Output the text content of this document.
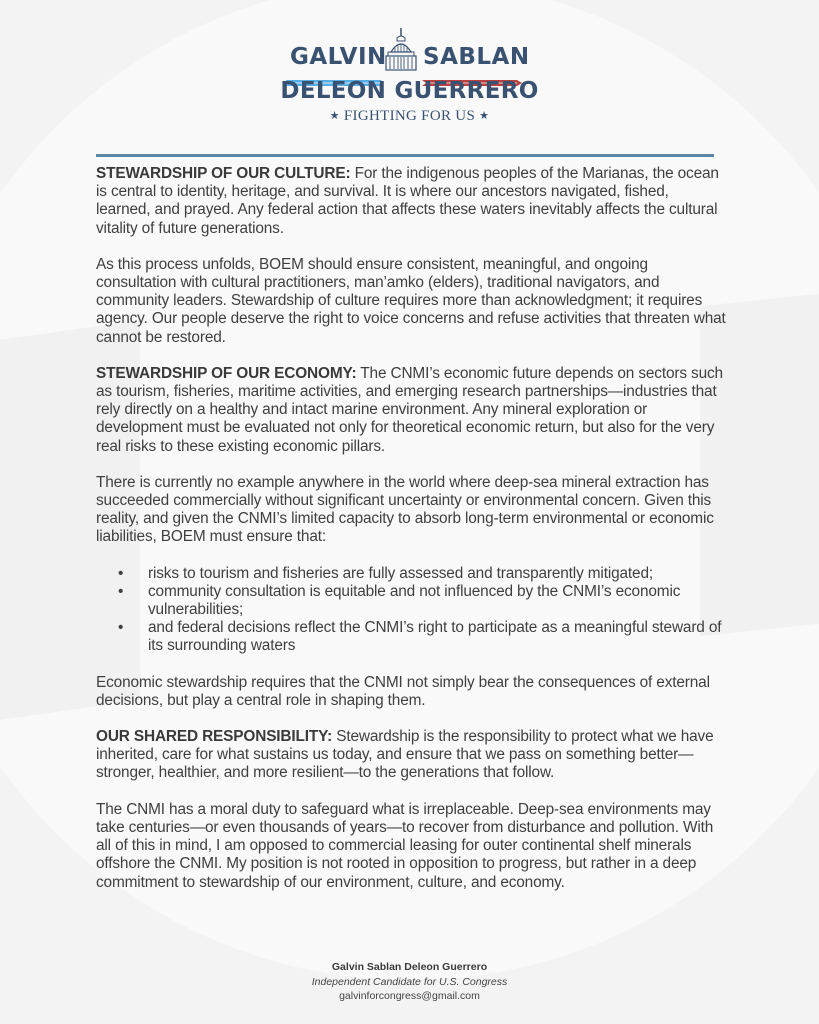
GALVIN SABLAN
DELEON GUERRERO
★ FIGHTING FOR US ★

STEWARDSHIP OF OUR CULTURE: For the indigenous peoples of the Marianas, the ocean is central to identity, heritage, and survival. It is where our ancestors navigated, fished, learned, and prayed. Any federal action that affects these waters inevitably affects the cultural vitality of future generations.

As this process unfolds, BOEM should ensure consistent, meaningful, and ongoing consultation with cultural practitioners, man’amko (elders), traditional navigators, and community leaders. Stewardship of culture requires more than acknowledgment; it requires agency. Our people deserve the right to voice concerns and refuse activities that threaten what cannot be restored.

STEWARDSHIP OF OUR ECONOMY: The CNMI’s economic future depends on sectors such as tourism, fisheries, maritime activities, and emerging research partnerships—industries that rely directly on a healthy and intact marine environment. Any mineral exploration or development must be evaluated not only for theoretical economic return, but also for the very real risks to these existing economic pillars.

There is currently no example anywhere in the world where deep-sea mineral extraction has succeeded commercially without significant uncertainty or environmental concern. Given this reality, and given the CNMI’s limited capacity to absorb long-term environmental or economic liabilities, BOEM must ensure that:

• risks to tourism and fisheries are fully assessed and transparently mitigated;
• community consultation is equitable and not influenced by the CNMI’s economic vulnerabilities;
• and federal decisions reflect the CNMI’s right to participate as a meaningful steward of its surrounding waters

Economic stewardship requires that the CNMI not simply bear the consequences of external decisions, but play a central role in shaping them.

OUR SHARED RESPONSIBILITY: Stewardship is the responsibility to protect what we have inherited, care for what sustains us today, and ensure that we pass on something better—stronger, healthier, and more resilient—to the generations that follow.

The CNMI has a moral duty to safeguard what is irreplaceable. Deep-sea environments may take centuries—or even thousands of years—to recover from disturbance and pollution. With all of this in mind, I am opposed to commercial leasing for outer continental shelf minerals offshore the CNMI. My position is not rooted in opposition to progress, but rather in a deep commitment to stewardship of our environment, culture, and economy.

Galvin Sablan Deleon Guerrero
Independent Candidate for U.S. Congress
galvinforcongress@gmail.com
